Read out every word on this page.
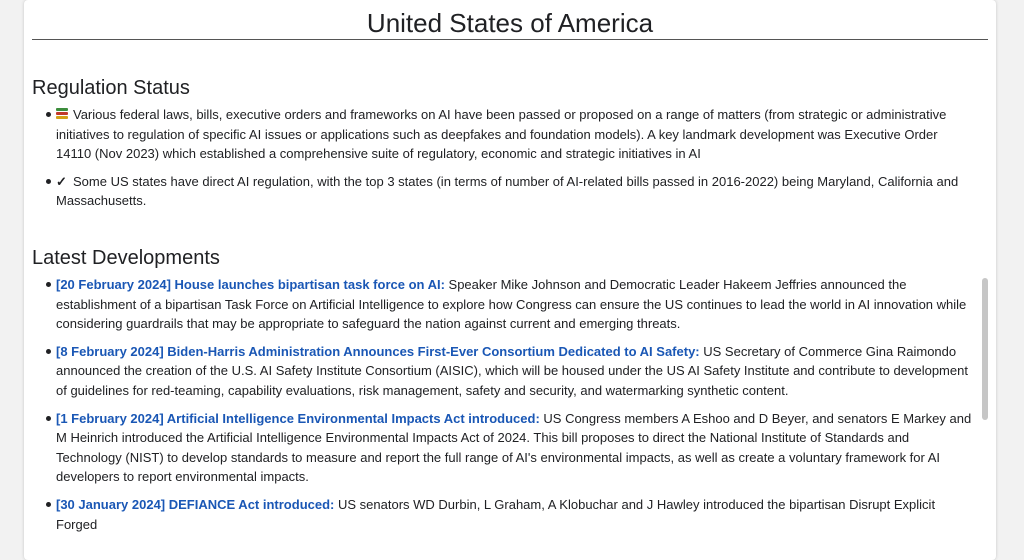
United States of America
Regulation Status
Various federal laws, bills, executive orders and frameworks on AI have been passed or proposed on a range of matters (from strategic or administrative initiatives to regulation of specific AI issues or applications such as deepfakes and foundation models). A key landmark development was Executive Order 14110 (Nov 2023) which established a comprehensive suite of regulatory, economic and strategic initiatives in AI
✓ Some US states have direct AI regulation, with the top 3 states (in terms of number of AI-related bills passed in 2016-2022) being Maryland, California and Massachusetts.
Latest Developments
[20 February 2024] House launches bipartisan task force on AI: Speaker Mike Johnson and Democratic Leader Hakeem Jeffries announced the establishment of a bipartisan Task Force on Artificial Intelligence to explore how Congress can ensure the US continues to lead the world in AI innovation while considering guardrails that may be appropriate to safeguard the nation against current and emerging threats.
[8 February 2024] Biden-Harris Administration Announces First-Ever Consortium Dedicated to AI Safety: US Secretary of Commerce Gina Raimondo announced the creation of the U.S. AI Safety Institute Consortium (AISIC), which will be housed under the US AI Safety Institute and contribute to development of guidelines for red-teaming, capability evaluations, risk management, safety and security, and watermarking synthetic content.
[1 February 2024] Artificial Intelligence Environmental Impacts Act introduced: US Congress members A Eshoo and D Beyer, and senators E Markey and M Heinrich introduced the Artificial Intelligence Environmental Impacts Act of 2024. This bill proposes to direct the National Institute of Standards and Technology (NIST) to develop standards to measure and report the full range of AI's environmental impacts, as well as create a voluntary framework for AI developers to report environmental impacts.
[30 January 2024] DEFIANCE Act introduced: US senators WD Durbin, L Graham, A Klobuchar and J Hawley introduced the bipartisan Disrupt Explicit Forged
